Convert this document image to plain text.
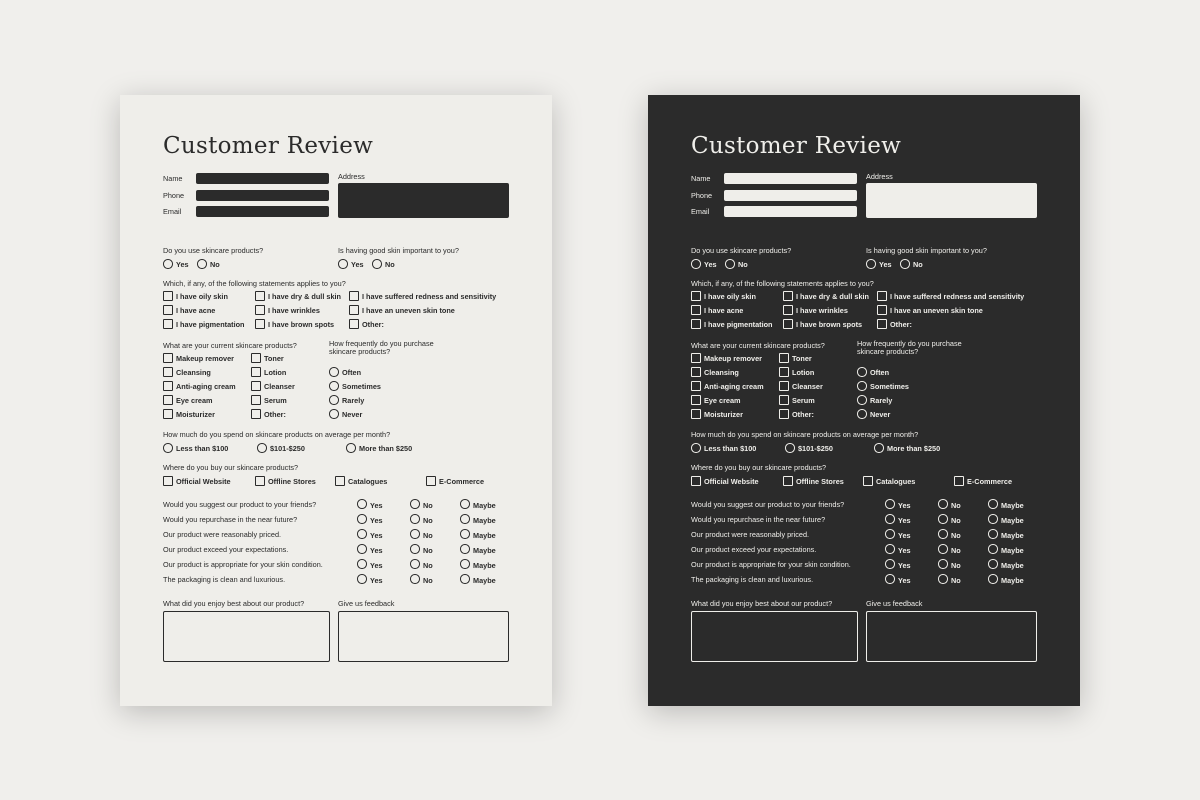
Customer Review
Name
Phone
Email
Address
Do you use skincare products?
Yes	No
Is having good skin important to you?
Yes	No
Which, if any, of the following statements applies to you?
I have oily skin	I have dry & dull skin	I have suffered redness and sensitivity
I have acne	I have wrinkles	I have an uneven skin tone
I have pigmentation	I have brown spots	Other:
What are your current skincare products?
Makeup remover	Toner
Cleansing	Lotion
Anti-aging cream	Cleanser
Eye cream	Serum
Moisturizer	Other:
How frequently do you purchase
skincare products?
Often
Sometimes
Rarely
Never
How much do you spend on skincare products on average per month?
Less than $100	$101-$250	More than $250
Where do you buy our skincare products?
Official Website	Offline Stores	Catalogues	E-Commerce
Would you suggest our product to your friends?	Yes	No	Maybe
Would you repurchase in the near future?	Yes	No	Maybe
Our product were reasonably priced.	Yes	No	Maybe
Our product exceed your expectations.	Yes	No	Maybe
Our product is appropriate for your skin condition.	Yes	No	Maybe
The packaging is clean and luxurious.	Yes	No	Maybe
What did you enjoy best about our product?	Give us feedback
Customer Review
Name
Phone
Email
Address
Do you use skincare products?
Yes	No
Is having good skin important to you?
Yes	No
Which, if any, of the following statements applies to you?
I have oily skin	I have dry & dull skin	I have suffered redness and sensitivity
I have acne	I have wrinkles	I have an uneven skin tone
I have pigmentation	I have brown spots	Other:
What are your current skincare products?
Makeup remover	Toner
Cleansing	Lotion
Anti-aging cream	Cleanser
Eye cream	Serum
Moisturizer	Other:
How frequently do you purchase
skincare products?
Often
Sometimes
Rarely
Never
How much do you spend on skincare products on average per month?
Less than $100	$101-$250	More than $250
Where do you buy our skincare products?
Official Website	Offline Stores	Catalogues	E-Commerce
Would you suggest our product to your friends?	Yes	No	Maybe
Would you repurchase in the near future?	Yes	No	Maybe
Our product were reasonably priced.	Yes	No	Maybe
Our product exceed your expectations.	Yes	No	Maybe
Our product is appropriate for your skin condition.	Yes	No	Maybe
The packaging is clean and luxurious.	Yes	No	Maybe
What did you enjoy best about our product?	Give us feedback
